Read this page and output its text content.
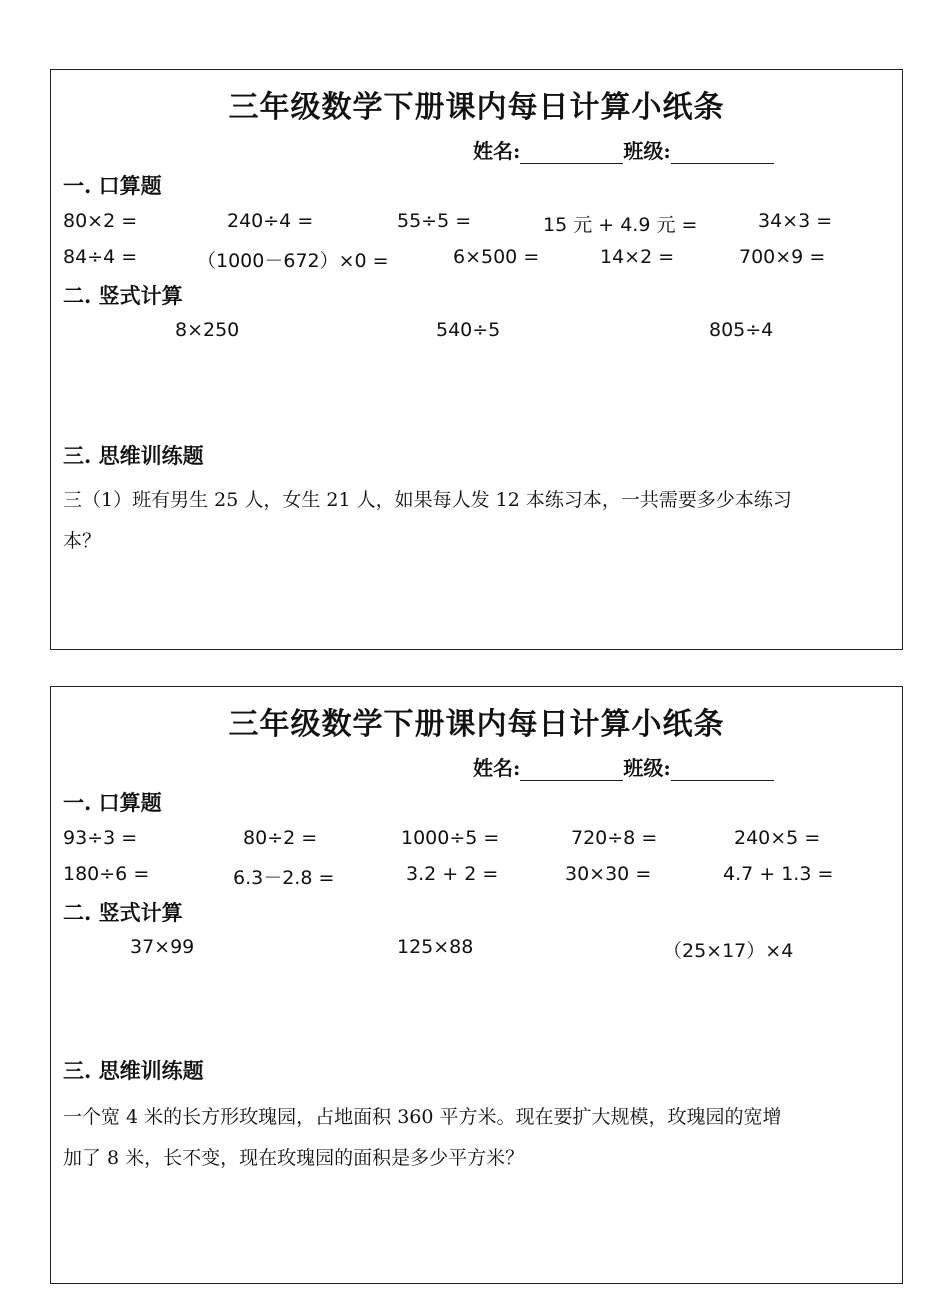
三年级数学下册课内每日计算小纸条
姓名:	班级:
一. 口算题
80×2 =	240÷4 =	55÷5 =	15 元 + 4.9 元 =	34×3 =
84÷4 =	（1000－672）×0 =	6×500 =	14×2 =	700×9 =
二. 竖式计算
8×250	540÷5	805÷4
三. 思维训练题
三（1）班有男生 25 人，女生 21 人，如果每人发 12 本练习本，一共需要多少本练习
本？
三年级数学下册课内每日计算小纸条
姓名:	班级:
一. 口算题
93÷3 =	80÷2 =	1000÷5 =	720÷8 =	240×5 =
180÷6 =	6.3－2.8 =	3.2 + 2 =	30×30 =	4.7 + 1.3 =
二. 竖式计算
37×99	125×88	（25×17）×4
三. 思维训练题
一个宽 4 米的长方形玫瑰园，占地面积 360 平方米。现在要扩大规模，玫瑰园的宽增
加了 8 米，长不变，现在玫瑰园的面积是多少平方米？
